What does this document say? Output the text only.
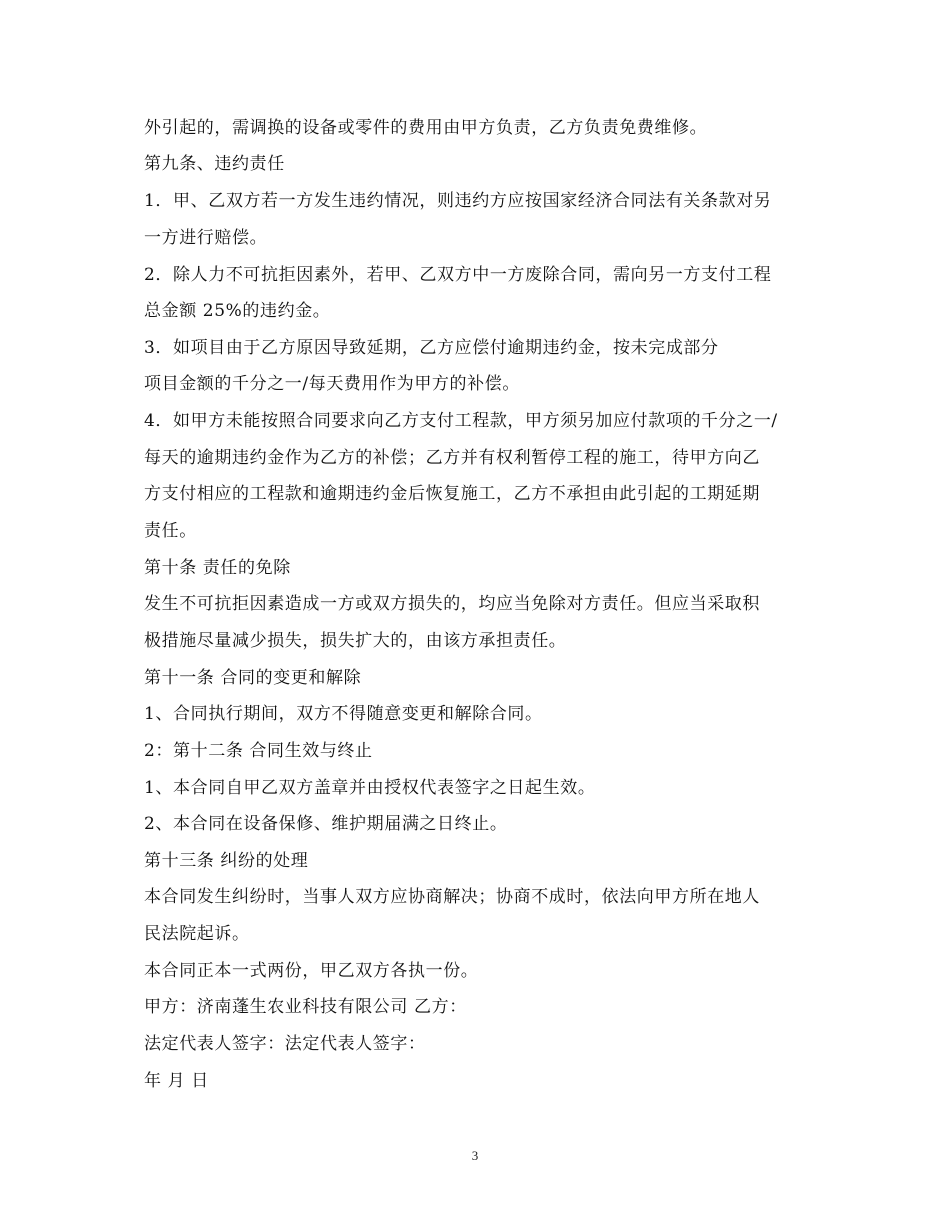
外引起的，需调换的设备或零件的费用由甲方负责，乙方负责免费维修。
第九条、违约责任
1．甲、乙双方若一方发生违约情况，则违约方应按国家经济合同法有关条款对另
一方进行赔偿。
2．除人力不可抗拒因素外，若甲、乙双方中一方废除合同，需向另一方支付工程
总金额 25%的违约金。
3．如项目由于乙方原因导致延期，乙方应偿付逾期违约金，按未完成部分
项目金额的千分之一/每天费用作为甲方的补偿。
4．如甲方未能按照合同要求向乙方支付工程款，甲方须另加应付款项的千分之一/
每天的逾期违约金作为乙方的补偿；乙方并有权利暂停工程的施工，待甲方向乙
方支付相应的工程款和逾期违约金后恢复施工，乙方不承担由此引起的工期延期
责任。
第十条 责任的免除
发生不可抗拒因素造成一方或双方损失的，均应当免除对方责任。但应当采取积
极措施尽量减少损失，损失扩大的，由该方承担责任。
第十一条 合同的变更和解除
1、合同执行期间，双方不得随意变更和解除合同。
2：第十二条 合同生效与终止
1、本合同自甲乙双方盖章并由授权代表签字之日起生效。
2、本合同在设备保修、维护期届满之日终止。
第十三条 纠纷的处理
本合同发生纠纷时，当事人双方应协商解决；协商不成时，依法向甲方所在地人
民法院起诉。
本合同正本一式两份，甲乙双方各执一份。
甲方：济南蓬生农业科技有限公司 乙方：
法定代表人签字：法定代表人签字：
年 月 日
3
